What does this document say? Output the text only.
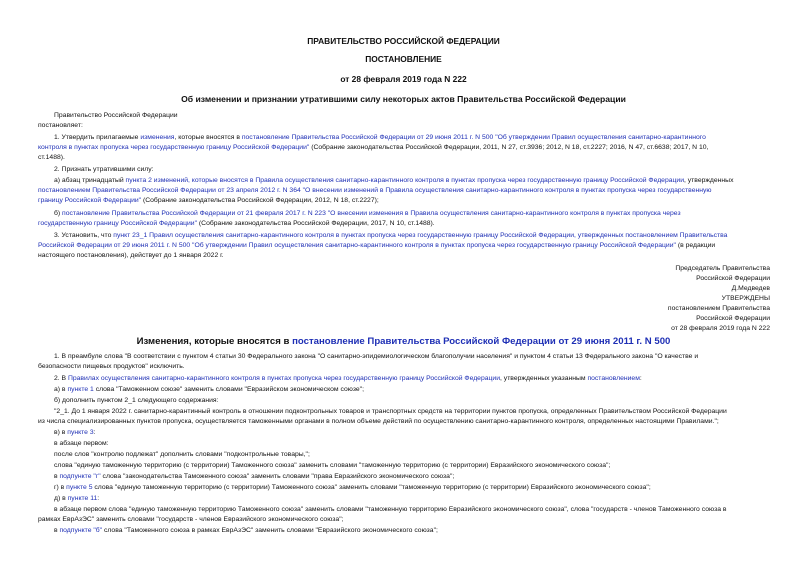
ПРАВИТЕЛЬСТВО РОССИЙСКОЙ ФЕДЕРАЦИИ
ПОСТАНОВЛЕНИЕ
от 28 февраля 2019 года N 222
Об изменении и признании утратившими силу некоторых актов Правительства Российской Федерации
Правительство Российской Федерации
постановляет:
1. Утвердить прилагаемые изменения, которые вносятся в постановление Правительства Российской Федерации от 29 июня 2011 г. N 500 "Об утверждении Правил осуществления санитарно-карантинного
контроля в пунктах пропуска через государственную границу Российской Федерации" (Собрание законодательства Российской Федерации, 2011, N 27, ст.3936; 2012, N 18, ст.2227; 2016, N 47, ст.6638; 2017, N 10,
ст.1488).
2. Признать утратившими силу:
а) абзац тринадцатый пункта 2 изменений, которые вносятся в Правила осуществления санитарно-карантинного контроля в пунктах пропуска через государственную границу Российской Федерации, утвержденных
постановлением Правительства Российской Федерации от 23 апреля 2012 г. N 364 "О внесении изменений в Правила осуществления санитарно-карантинного контроля в пунктах пропуска через государственную
границу Российской Федерации" (Собрание законодательства Российской Федерации, 2012, N 18, ст.2227);
б) постановление Правительства Российской Федерации от 21 февраля 2017 г. N 223 "О внесении изменения в Правила осуществления санитарно-карантинного контроля в пунктах пропуска через
государственную границу Российской Федерации" (Собрание законодательства Российской Федерации, 2017, N 10, ст.1488).
3. Установить, что пункт 23_1 Правил осуществления санитарно-карантинного контроля в пунктах пропуска через государственную границу Российской Федерации, утвержденных постановлением Правительства
Российской Федерации от 29 июня 2011 г. N 500 "Об утверждении Правил осуществления санитарно-карантинного контроля в пунктах пропуска через государственную границу Российской Федерации" (в редакции
настоящего постановления), действует до 1 января 2022 г.
Председатель Правительства
Российской Федерации
Д.Медведев
УТВЕРЖДЕНЫ
постановлением Правительства
Российской Федерации
от 28 февраля 2019 года N 222
Изменения, которые вносятся в постановление Правительства Российской Федерации от 29 июня 2011 г. N 500
1. В преамбуле слова "В соответствии с пунктом 4 статьи 30 Федерального закона "О санитарно-эпидемиологическом благополучии населения" и пунктом 4 статьи 13 Федерального закона "О качестве и
безопасности пищевых продуктов" исключить.
2. В Правилах осуществления санитарно-карантинного контроля в пунктах пропуска через государственную границу Российской Федерации, утвержденных указанным постановлением:
а) в пункте 1 слова "Таможенном союзе" заменить словами "Евразийском экономическом союзе";
б) дополнить пунктом 2_1 следующего содержания:
"2_1. До 1 января 2022 г. санитарно-карантинный контроль в отношении подконтрольных товаров и транспортных средств на территории пунктов пропуска, определенных Правительством Российской Федерации
из числа специализированных пунктов пропуска, осуществляется таможенными органами в полном объеме действий по осуществлению санитарно-карантинного контроля, определенных настоящими Правилами.";
в) в пункте 3:
в абзаце первом:
после слов "контролю подлежат" дополнить словами "подконтрольные товары,";
слова "единую таможенную территорию (с территории) Таможенного союза" заменить словами "таможенную территорию (с территории) Евразийского экономического союза";
в подпункте "г" слова "законодательства Таможенного союза" заменить словами "права Евразийского экономического союза";
г) в пункте 5 слова "единую таможенную территорию (с территории) Таможенного союза" заменить словами "таможенную территорию (с территории) Евразийского экономического союза";
д) в пункте 11:
в абзаце первом слова "единую таможенную территорию Таможенного союза" заменить словами "таможенную территорию Евразийского экономического союза", слова "государств - членов Таможенного союза в
рамках ЕврАзЭС" заменить словами "государств - членов Евразийского экономического союза";
в подпункте "б" слова "Таможенного союза в рамках ЕврАзЭС" заменить словами "Евразийского экономического союза";
